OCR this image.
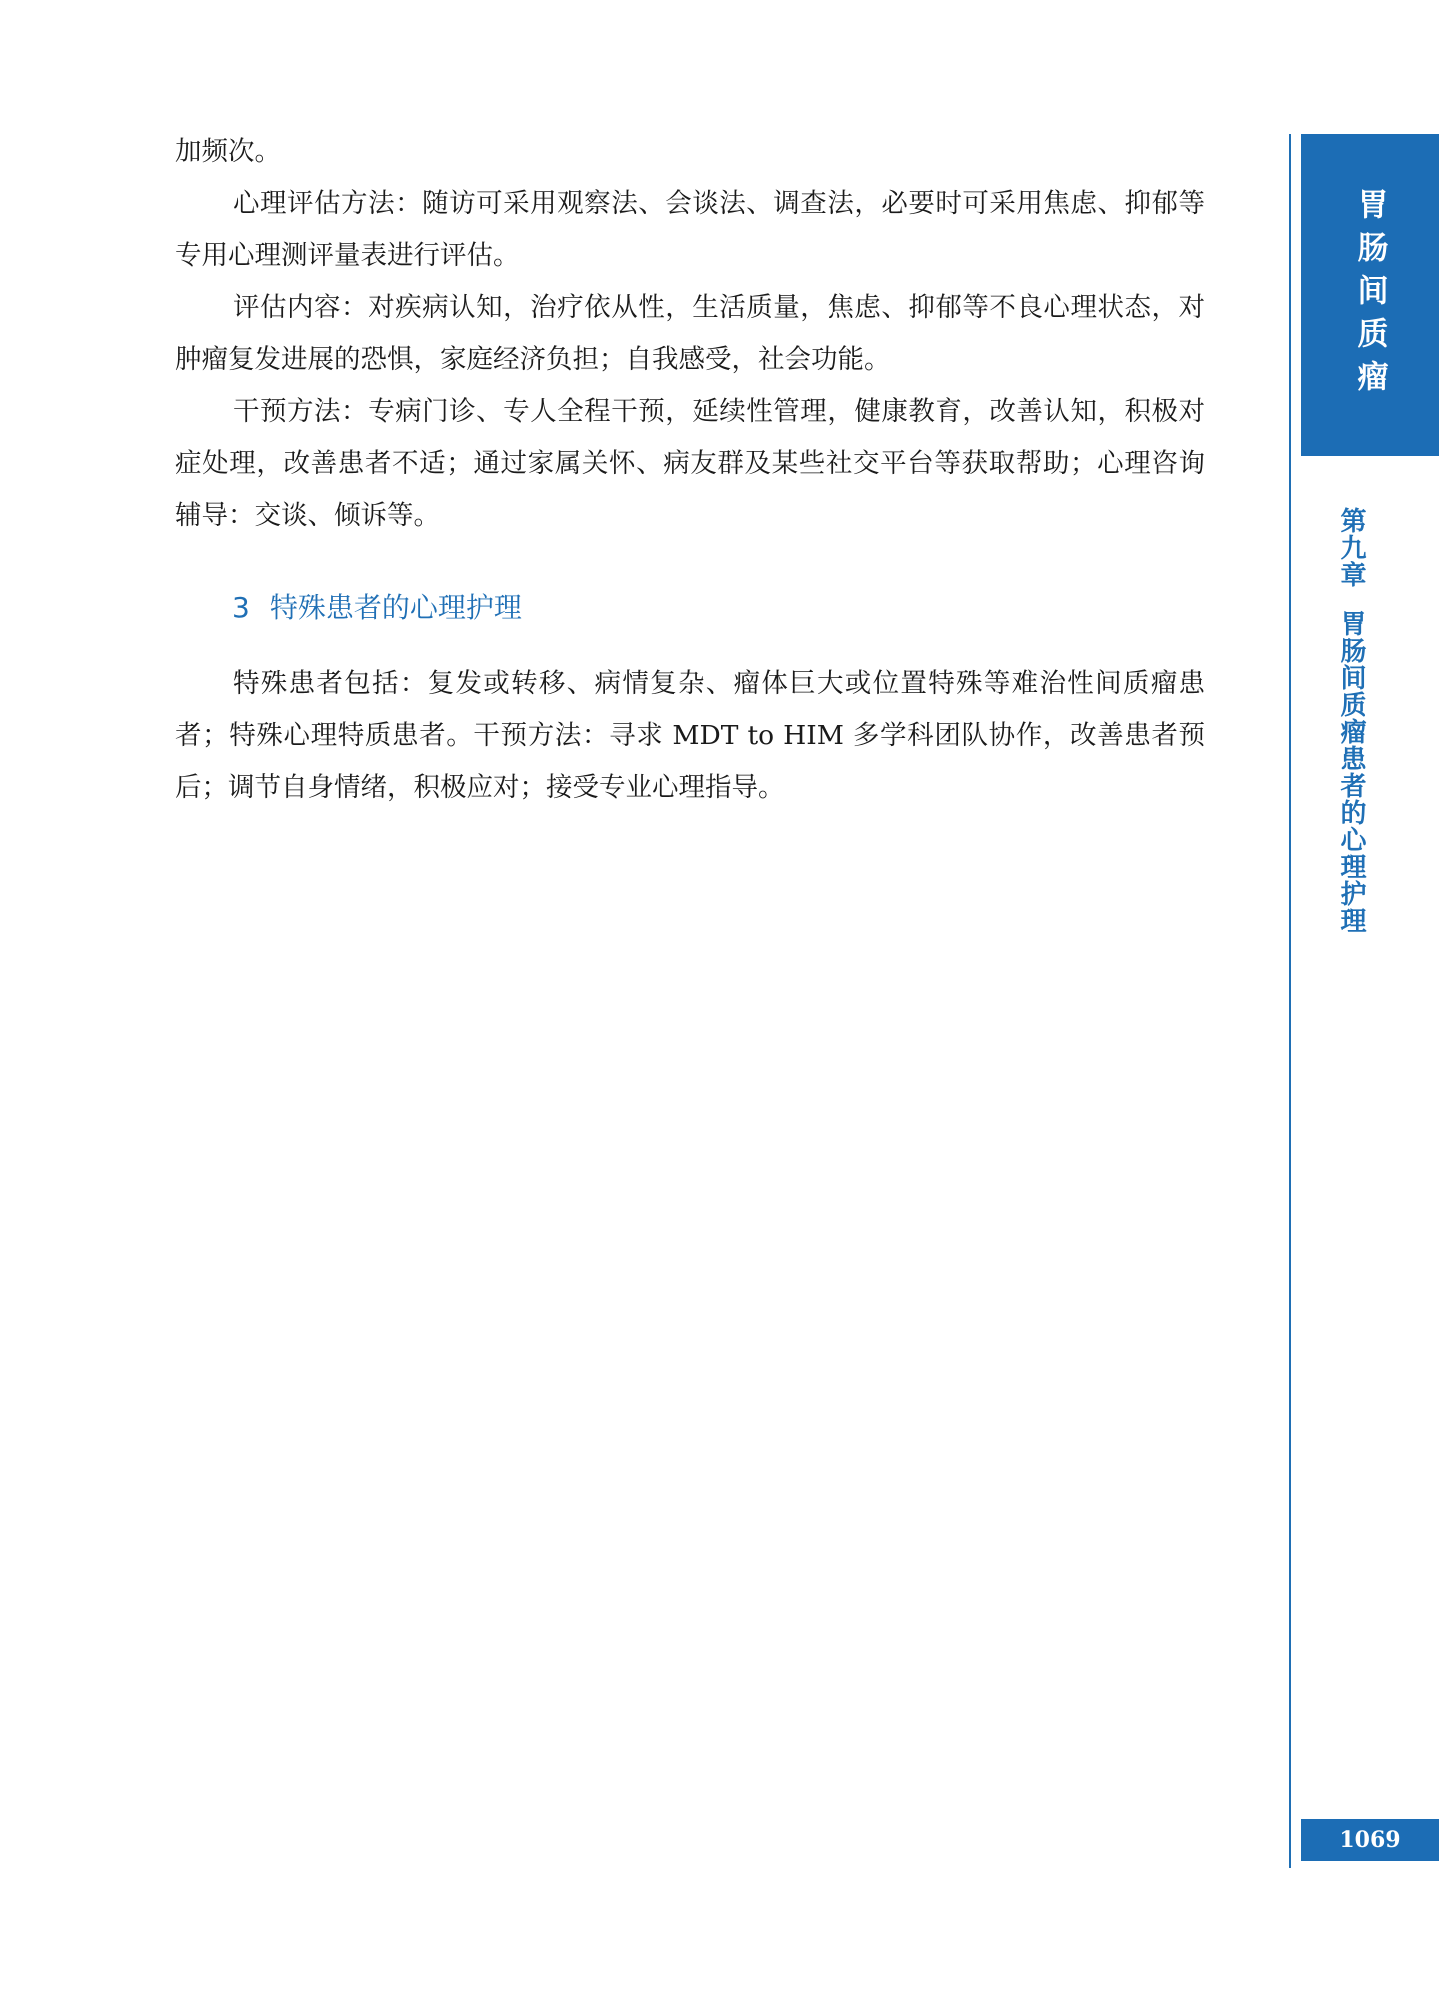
加频次。

心理评估方法：随访可采用观察法、会谈法、调查法，必要时可采用焦虑、抑郁等专用心理测评量表进行评估。

评估内容：对疾病认知，治疗依从性，生活质量，焦虑、抑郁等不良心理状态，对肿瘤复发进展的恐惧，家庭经济负担；自我感受，社会功能。

干预方法：专病门诊、专人全程干预，延续性管理，健康教育，改善认知，积极对症处理，改善患者不适；通过家属关怀、病友群及某些社交平台等获取帮助；心理咨询辅导：交谈、倾诉等。

3 特殊患者的心理护理

特殊患者包括：复发或转移、病情复杂、瘤体巨大或位置特殊等难治性间质瘤患者；特殊心理特质患者。干预方法：寻求 MDT to HIM 多学科团队协作，改善患者预后；调节自身情绪，积极应对；接受专业心理指导。

胃肠间质瘤
第九章胃肠间质瘤患者的心理护理
1069
